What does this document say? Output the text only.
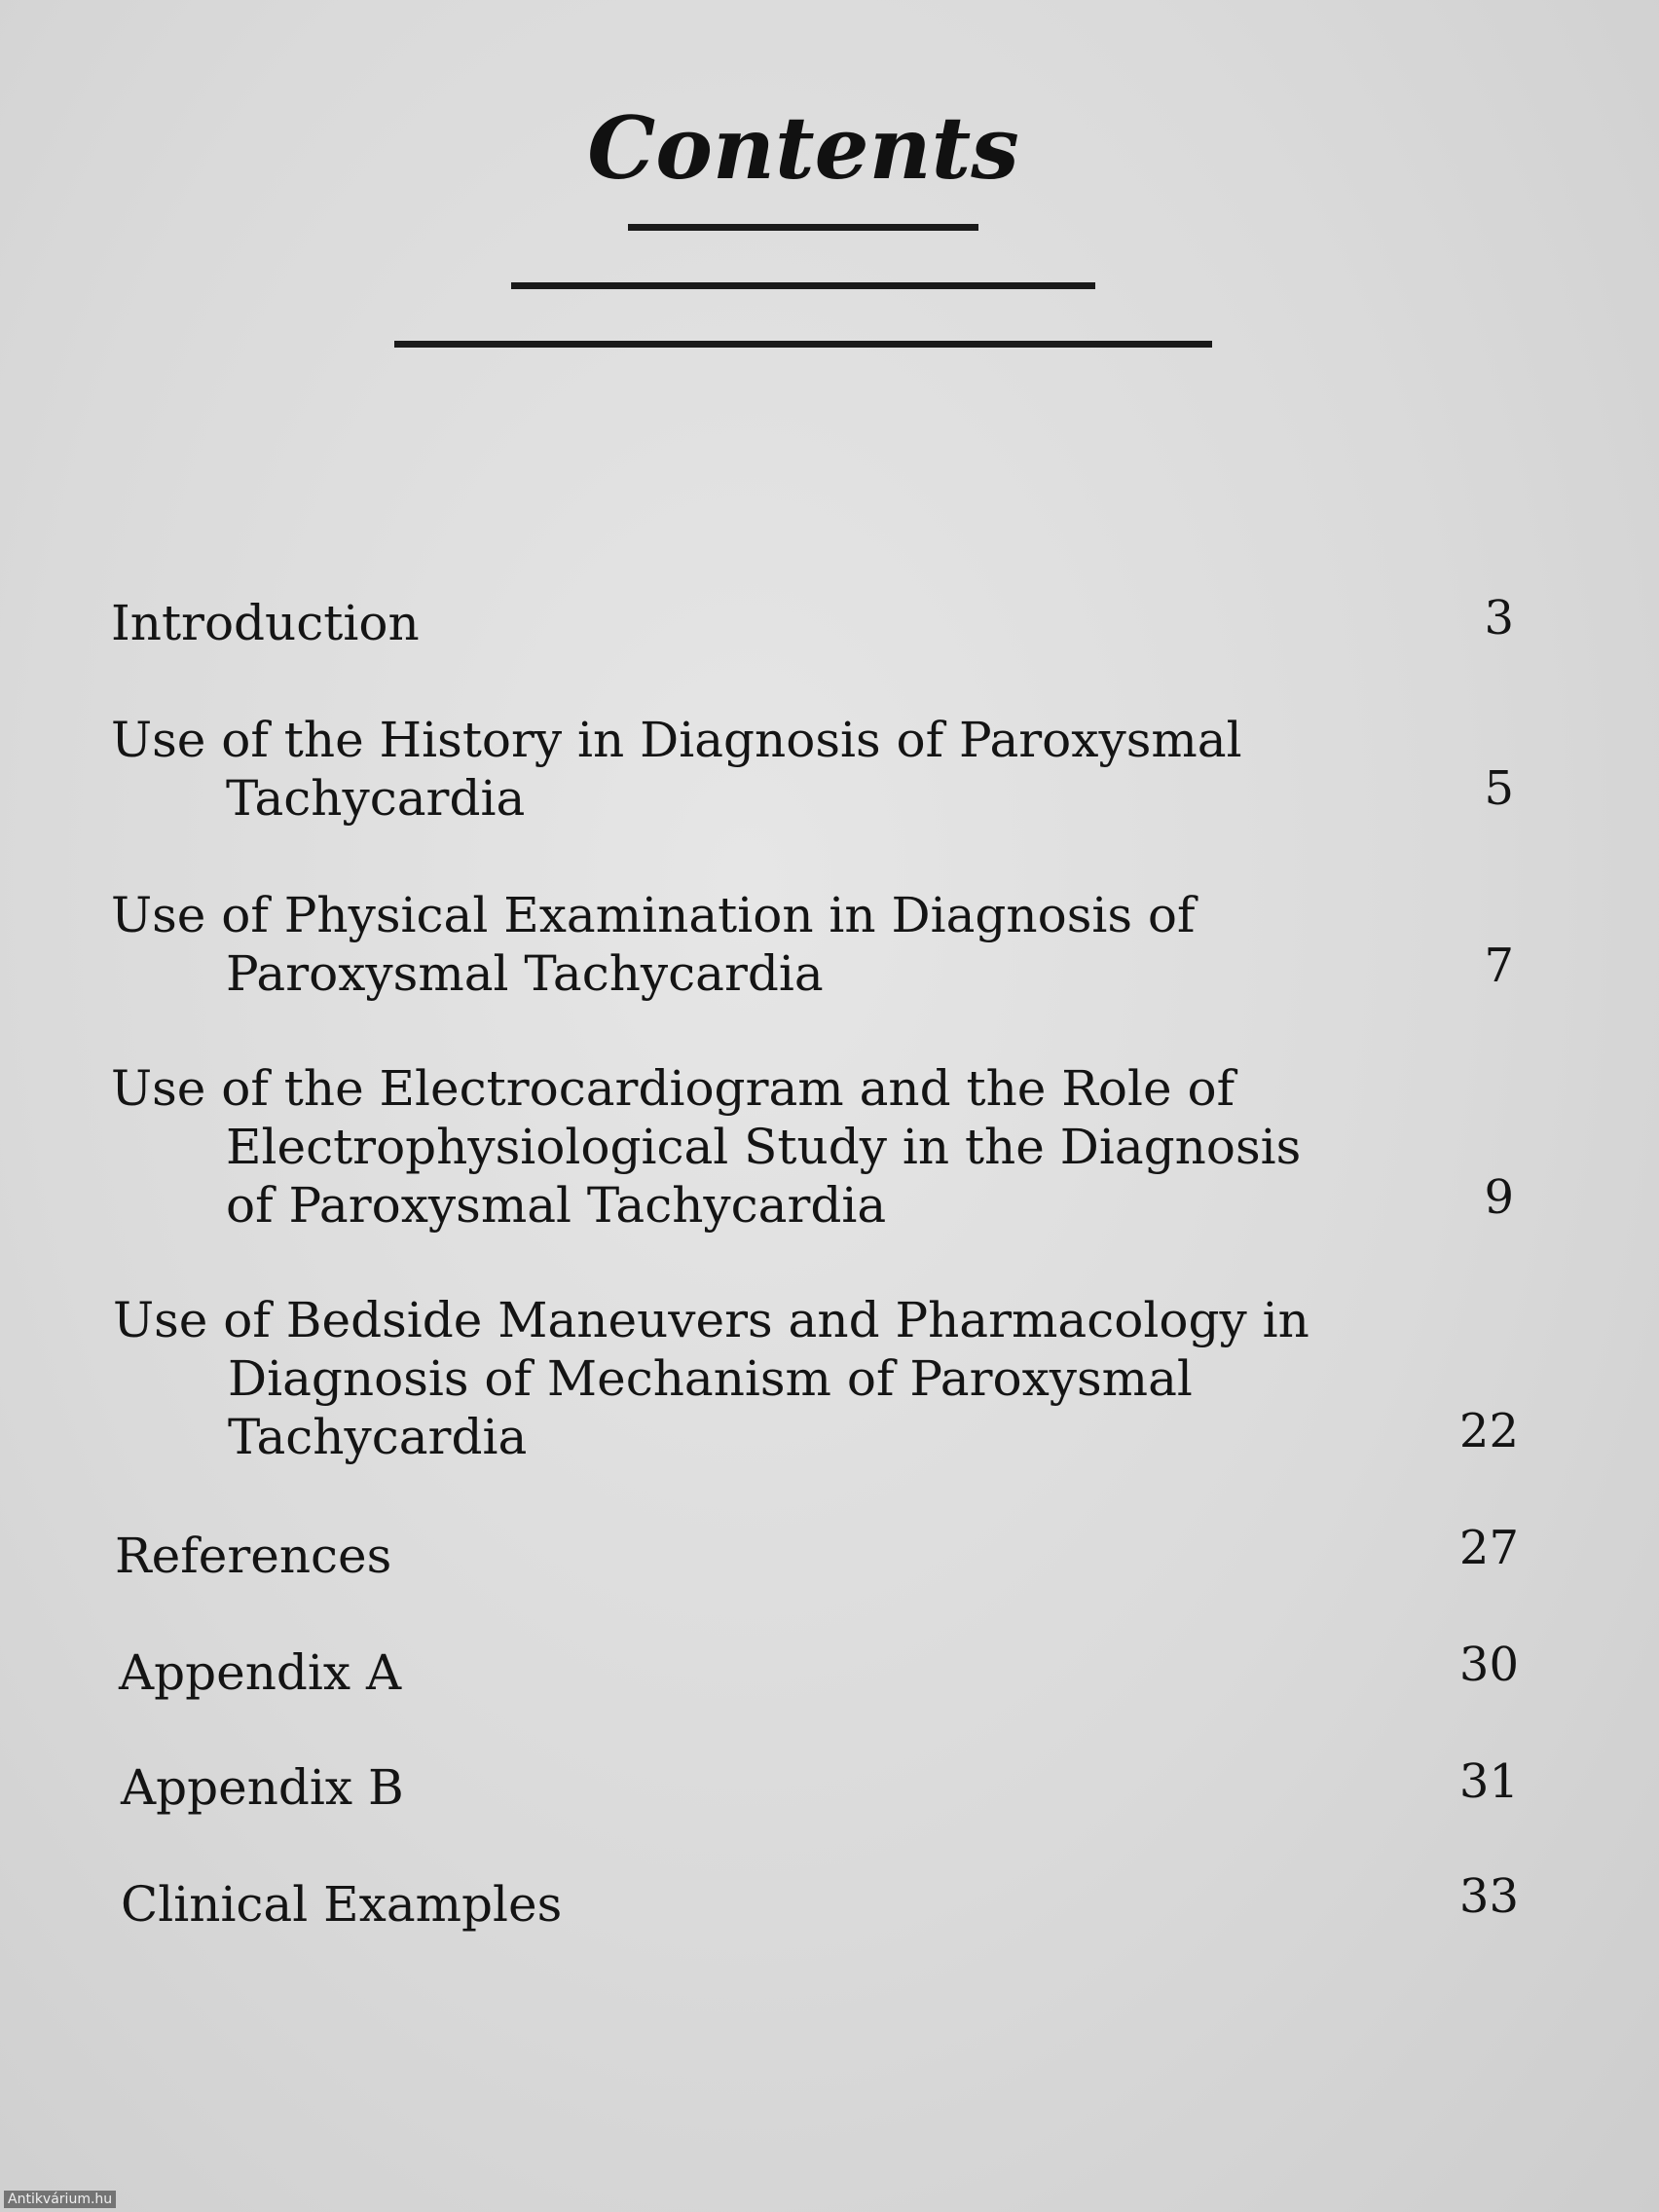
Contents
Introduction	3
Use of the History in Diagnosis of Paroxysmal
Tachycardia	5
Use of Physical Examination in Diagnosis of
Paroxysmal Tachycardia	7
Use of the Electrocardiogram and the Role of
Electrophysiological Study in the Diagnosis
of Paroxysmal Tachycardia	9
Use of Bedside Maneuvers and Pharmacology in
Diagnosis of Mechanism of Paroxysmal
Tachycardia	22
References	27
Appendix A	30
Appendix B	31
Clinical Examples	33
Antikvárium.hu
